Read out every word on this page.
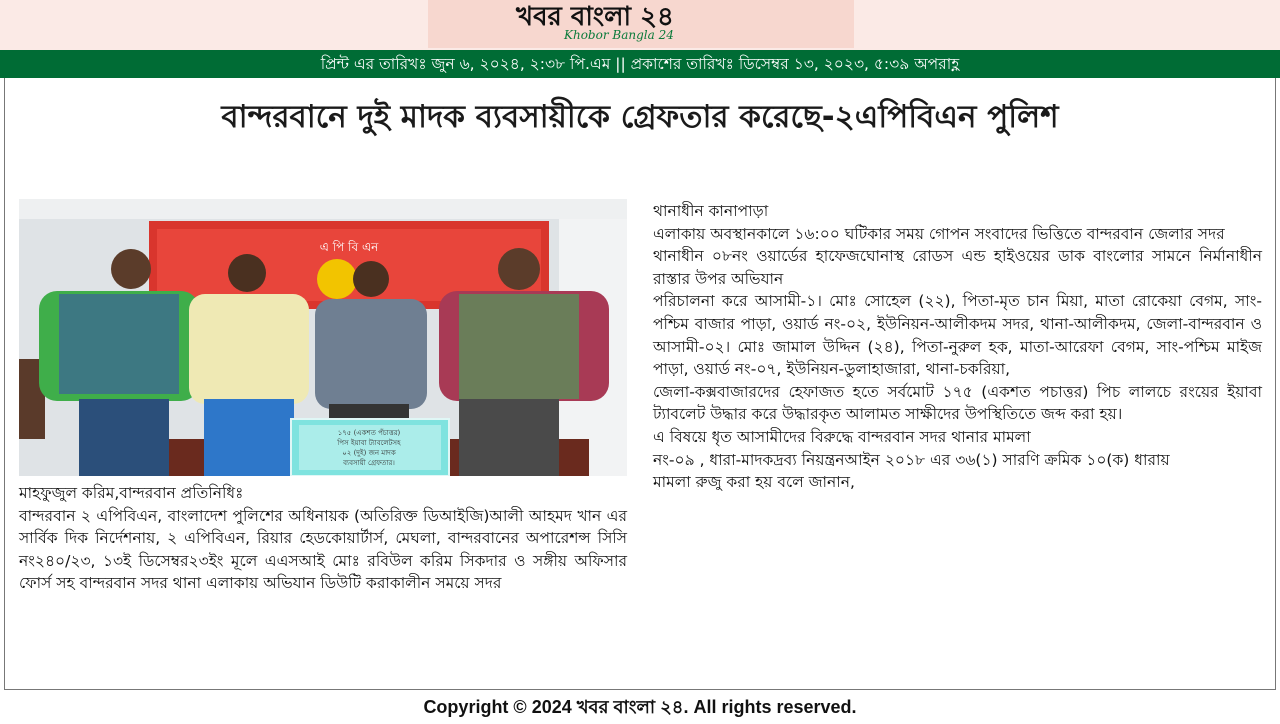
খবর বাংলা ২৪
Khobor Bangla 24
প্রিন্ট এর তারিখঃ জুন ৬, ২০২৪, ২:৩৮ পি.এম || প্রকাশের তারিখঃ ডিসেম্বর ১৩, ২০২৩, ৫:৩৯ অপরাহ্ণ
বান্দরবানে দুই মাদক ব্যবসায়ীকে গ্রেফতার করেছে-২এপিবিএন পুলিশ
এ পি বি এন
১৭৫ (একশত পঁচাত্তর)
পিস ইয়াবা ট্যাবলেটসহ
০২ (দুই) জন মাদক
ব্যবসায়ী গ্রেফতার।

মাহফুজুল করিম,বান্দরবান প্রতিনিধিঃ

বান্দরবান ২ এপিবিএন, বাংলাদেশ পুলিশের অধিনায়ক (অতিরিক্ত ডিআইজি)আলী আহমদ খান এর সার্বিক দিক নির্দেশনায়, ২ এপিবিএন, রিয়ার হেডকোয়ার্টার্স, মেঘলা, বান্দরবানের অপারেশন্স সিসি নং২৪০/২৩, ১৩ই ডিসেম্বর২৩ইং মূলে এএসআই মোঃ রবিউল করিম সিকদার ও সঙ্গীয় অফিসার ফোর্স সহ বান্দরবান সদর থানা এলাকায় অভিযান ডিউটি করাকালীন সময়ে সদর

থানাধীন কানাপাড়া

এলাকায় অবস্থানকালে ১৬:০০ ঘটিকার সময় গোপন সংবাদের ভিত্তিতে বান্দরবান জেলার সদর

থানাধীন ০৮নং ওয়ার্ডের হাফেজঘোনাস্থ রোডস এন্ড হাইওয়ের ডাক বাংলোর সামনে নির্মানাধীন রাস্তার উপর অভিযান

পরিচালনা করে আসামী-১। মোঃ সোহেল (২২), পিতা-মৃত চান মিয়া, মাতা রোকেয়া বেগম, সাং-পশ্চিম বাজার পাড়া, ওয়ার্ড নং-০২, ইউনিয়ন-আলীকদম সদর, থানা-আলীকদম, জেলা-বান্দরবান ও আসামী-০২। মোঃ জামাল উদ্দিন (২৪), পিতা-নুরুল হক, মাতা-আরেফা বেগম, সাং-পশ্চিম মাইজ পাড়া, ওয়ার্ড নং-০৭, ইউনিয়ন-ডুলাহাজারা, থানা-চকরিয়া,

জেলা-কক্সবাজারদের হেফাজত হতে সর্বমোট ১৭৫ (একশত পচাত্তর) পিচ লালচে রংয়ের ইয়াবা ট্যাবলেট উদ্ধার করে উদ্ধারকৃত আলামত সাক্ষীদের উপস্থিতিতে জব্দ করা হয়।

এ বিষয়ে ধৃত আসামীদের বিরুদ্ধে বান্দরবান সদর থানার মামলা

নং-০৯ , ধারা-মাদকদ্রব্য নিয়ন্ত্রনআইন ২০১৮ এর ৩৬(১) সারণি ক্রমিক ১০(ক) ধারায়

মামলা রুজু করা হয় বলে জানান,

Copyright © 2024 খবর বাংলা ২৪. All rights reserved.
